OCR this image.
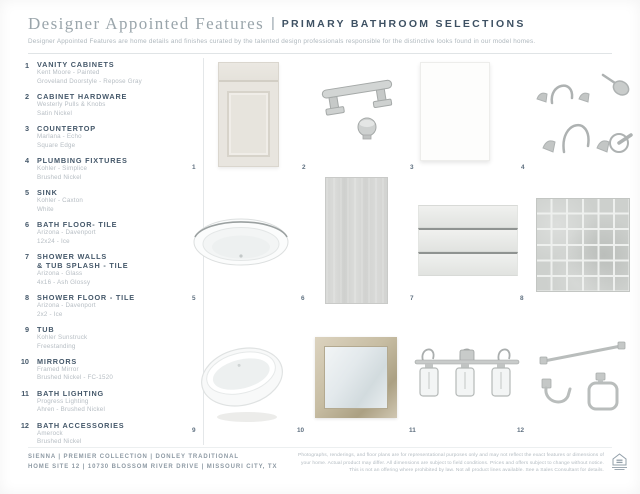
Designer Appointed Features | PRIMARY BATHROOM SELECTIONS
Designer Appointed Features are home details and finishes curated by the talented design professionals responsible for the distinctive looks found in our model homes.
1 VANITY CABINETS
Kent Moore - Painted
Groveland Doorstyle - Repose Gray
2 CABINET HARDWARE
Westerly Pulls & Knobs
Satin Nickel
3 COUNTERTOP
Marlana - Echo
Square Edge
4 PLUMBING FIXTURES
Kohler - Simplice
Brushed Nickel
5 SINK
Kohler - Caxton
White
6 BATH FLOOR- TILE
Arizona - Davenport
12x24 - Ice
7 SHOWER WALLS
& TUB SPLASH - TILE
Arizona - Glass
4x16 - Ash Glossy
8 SHOWER FLOOR - TILE
Arizona - Davenport
2x2 - Ice
9 TUB
Kohler Sunstruck
Freestanding
10 MIRRORS
Framed Mirror
Brushed Nickel - FC-1520
11 BATH LIGHTING
Progress Lighting
Ahren - Brushed Nickel
12 BATH ACCESSORIES
Amerock
Brushed Nickel
1	2	3	4
5	6	7	8
9	10	11	12
SIENNA | PREMIER COLLECTION | DONLEY TRADITIONAL
HOME SITE 12 | 10730 BLOSSOM RIVER DRIVE | MISSOURI CITY, TX
Photographs, renderings, and floor plans are for representational purposes only and may not reflect the exact features or dimensions of
your home. Actual product may differ. All dimensions are subject to field conditions. Prices and offers subject to change without notice.
This is not an offering where prohibited by law. Not all product lines available. See a Sales Consultant for details.
